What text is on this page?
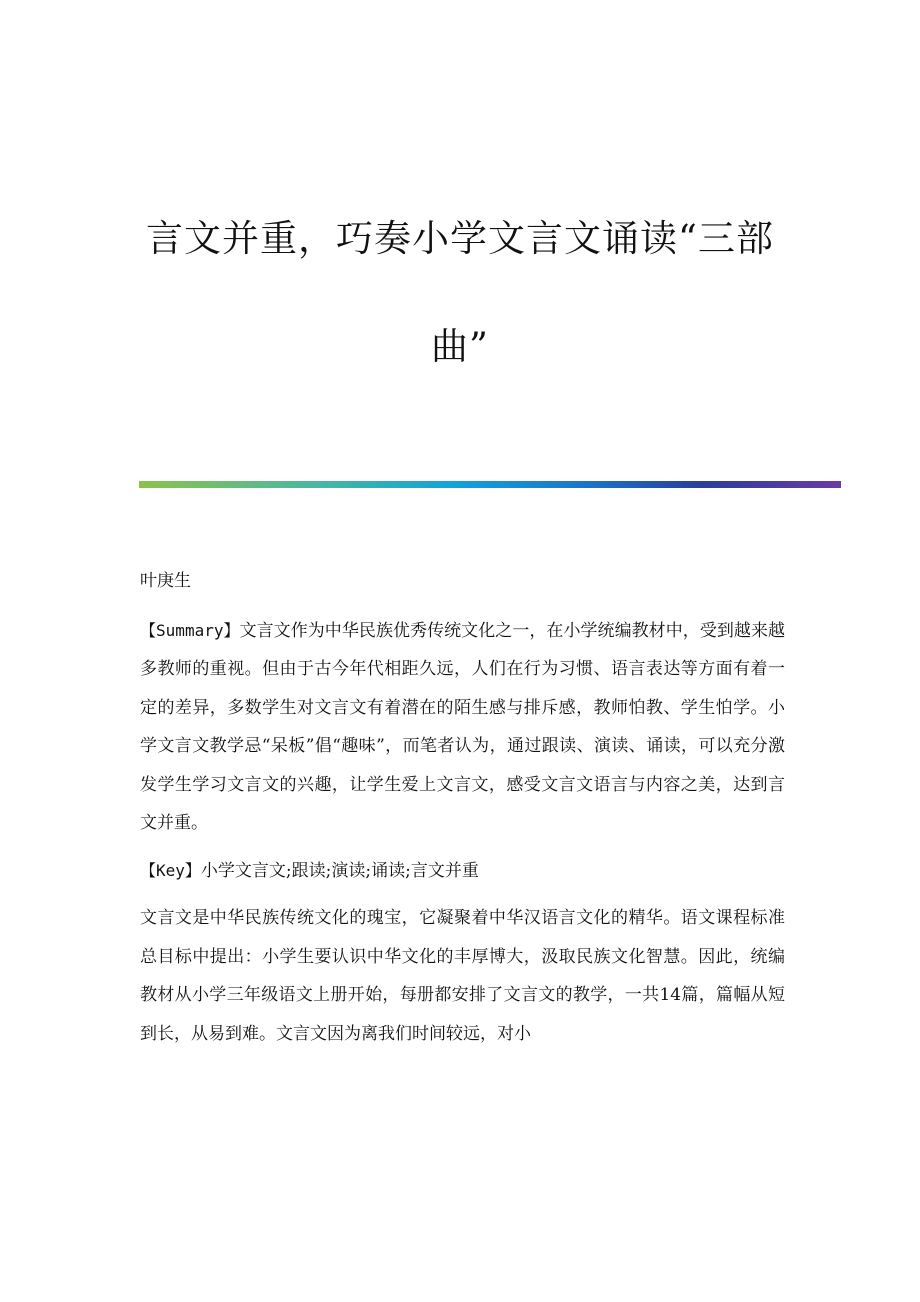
言文并重，巧奏小学文言文诵读“三部曲”

叶庚生

【Summary】文言文作为中华民族优秀传统文化之一，在小学统编教材中，受到越来越多教师的重视。但由于古今年代相距久远，人们在行为习惯、语言表达等方面有着一定的差异，多数学生对文言文有着潜在的陌生感与排斥感，教师怕教、学生怕学。小学文言文教学忌“呆板”倡“趣味”，而笔者认为，通过跟读、演读、诵读，可以充分激发学生学习文言文的兴趣，让学生爱上文言文，感受文言文语言与内容之美，达到言文并重。

【Key】小学文言文;跟读;演读;诵读;言文并重

文言文是中华民族传统文化的瑰宝，它凝聚着中华汉语言文化的精华。语文课程标准总目标中提出：小学生要认识中华文化的丰厚博大，汲取民族文化智慧。因此，统编教材从小学三年级语文上册开始，每册都安排了文言文的教学，一共14篇，篇幅从短到长，从易到难。文言文因为离我们时间较远，对小
